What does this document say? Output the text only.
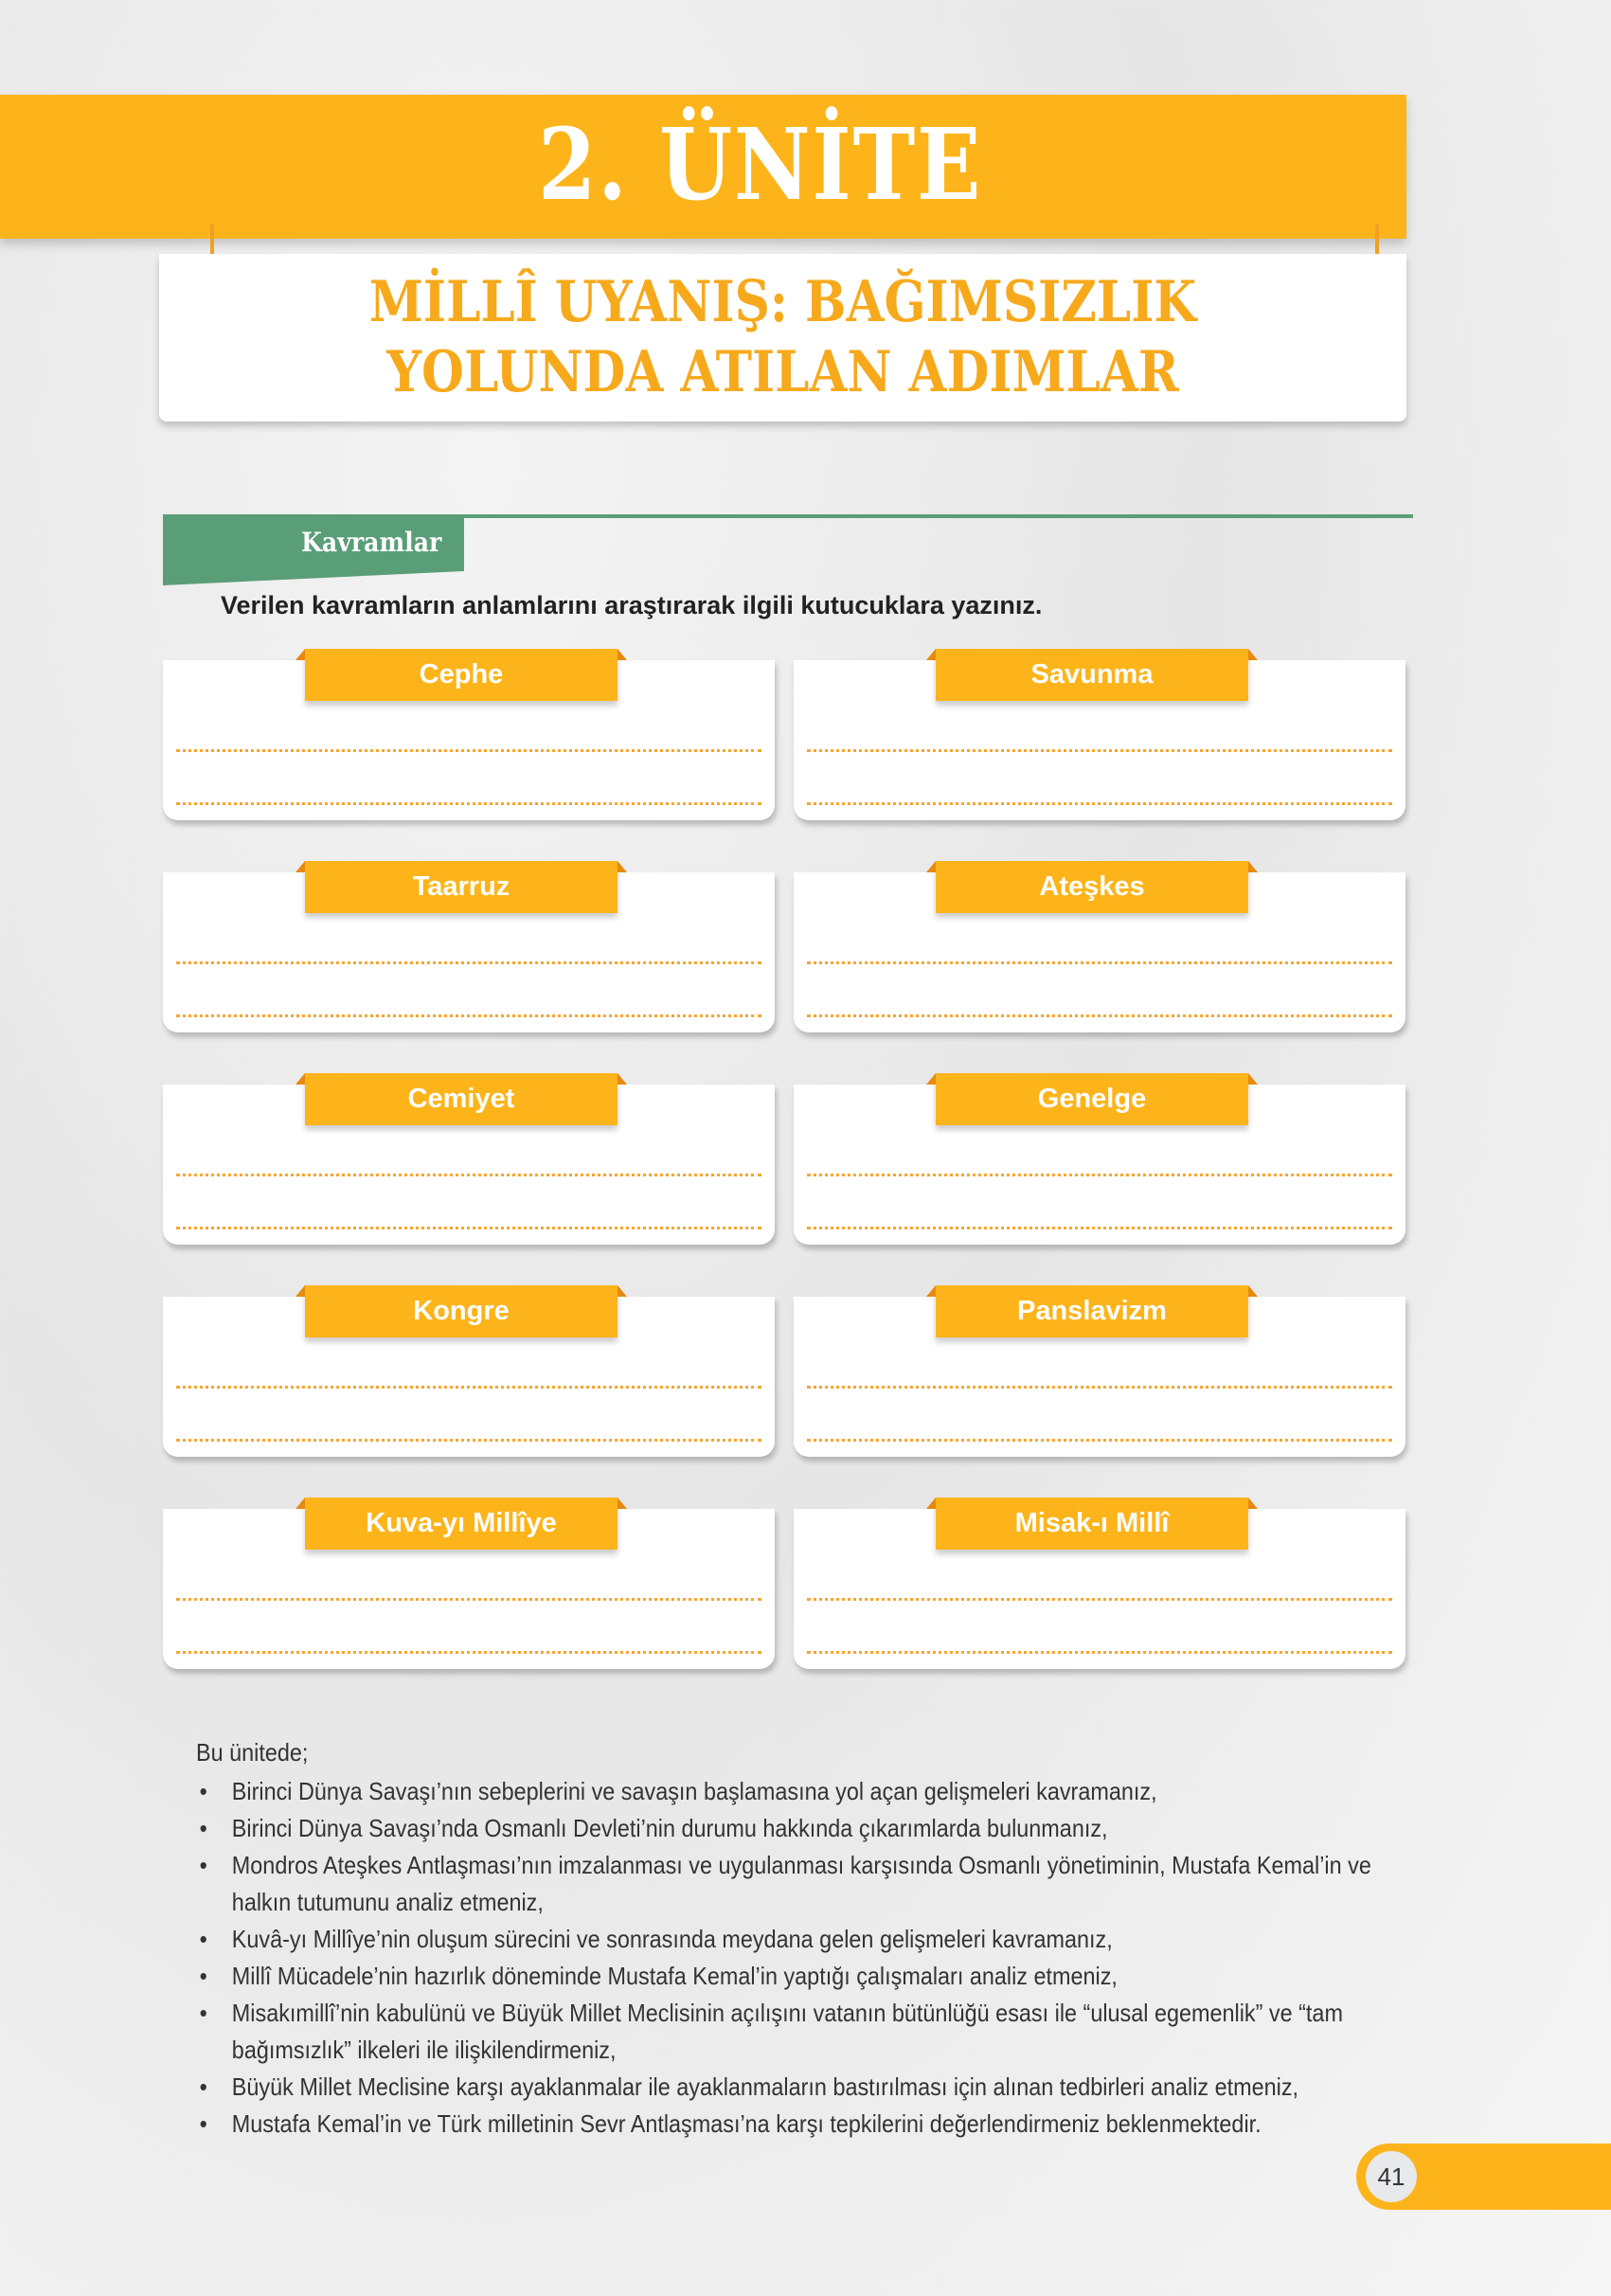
2. ÜNİTE
MİLLÎ UYANIŞ: BAĞIMSIZLIK
YOLUNDA ATILAN ADIMLAR
Kavramlar
Verilen kavramların anlamlarını araştırarak ilgili kutucuklara yazınız.
Cephe	Savunma
Taarruz	Ateşkes
Cemiyet	Genelge
Kongre	Panslavizm
Kuva-yı Millîye	Misak-ı Millî
Bu ünitede;
• Birinci Dünya Savaşı’nın sebeplerini ve savaşın başlamasına yol açan gelişmeleri kavramanız,
• Birinci Dünya Savaşı’nda Osmanlı Devleti’nin durumu hakkında çıkarımlarda bulunmanız,
• Mondros Ateşkes Antlaşması’nın imzalanması ve uygulanması karşısında Osmanlı yönetiminin, Mustafa Kemal’in ve halkın tutumunu analiz etmeniz,
• Kuvâ-yı Millîye’nin oluşum sürecini ve sonrasında meydana gelen gelişmeleri kavramanız,
• Millî Mücadele’nin hazırlık döneminde Mustafa Kemal’in yaptığı çalışmaları analiz etmeniz,
• Misakımillî’nin kabulünü ve Büyük Millet Meclisinin açılışını vatanın bütünlüğü esası ile “ulusal egemenlik” ve “tam bağımsızlık” ilkeleri ile ilişkilendirmeniz,
• Büyük Millet Meclisine karşı ayaklanmalar ile ayaklanmaların bastırılması için alınan tedbirleri analiz etmeniz,
• Mustafa Kemal’in ve Türk milletinin Sevr Antlaşması’na karşı tepkilerini değerlendirmeniz beklenmektedir.
41
